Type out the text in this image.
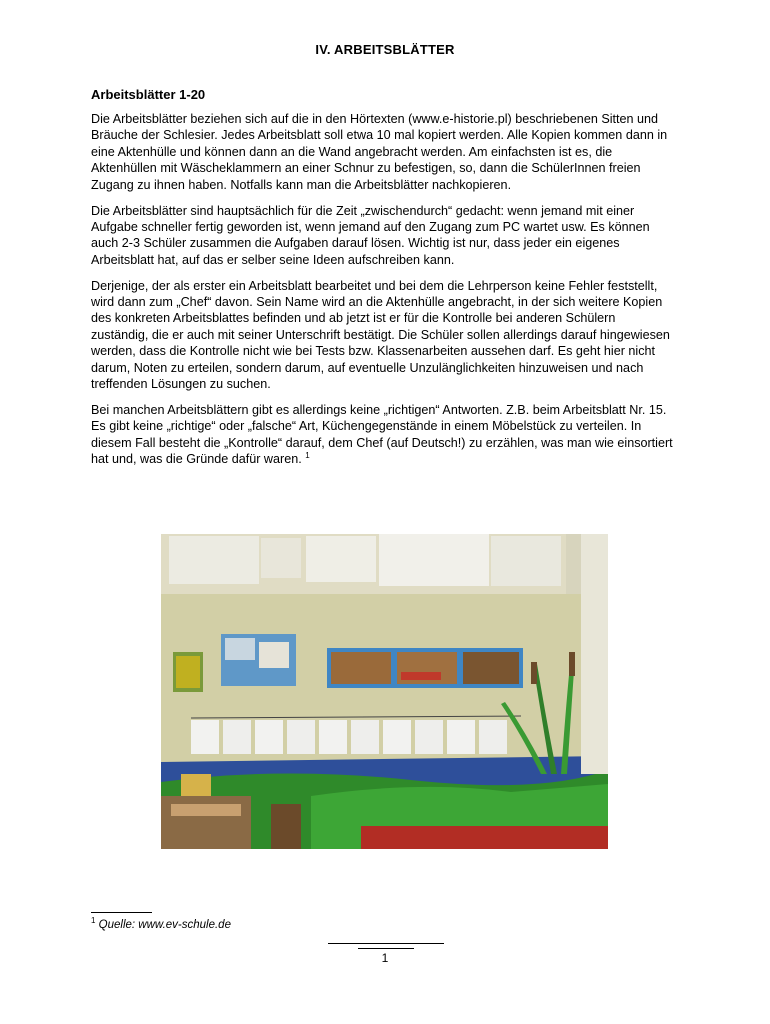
IV. ARBEITSBLÄTTER
Arbeitsblätter 1-20

Die Arbeitsblätter beziehen sich auf die in den Hörtexten (www.e-historie.pl) beschriebenen Sitten und Bräuche der Schlesier. Jedes Arbeitsblatt soll etwa 10 mal kopiert werden. Alle Kopien kommen dann in eine Aktenhülle und können dann an die Wand angebracht werden. Am einfachsten ist es, die Aktenhüllen mit Wäscheklammern an einer Schnur zu befestigen, so, dann die SchülerInnen freien Zugang zu ihnen haben. Notfalls kann man die Arbeitsblätter nachkopieren.

Die Arbeitsblätter sind hauptsächlich für die Zeit „zwischendurch“ gedacht: wenn jemand mit einer Aufgabe schneller fertig geworden ist, wenn jemand auf den Zugang zum PC wartet usw. Es können auch 2-3 Schüler zusammen die Aufgaben darauf lösen. Wichtig ist nur, dass jeder ein eigenes Arbeitsblatt hat, auf das er selber seine Ideen aufschreiben kann.

Derjenige, der als erster ein Arbeitsblatt bearbeitet und bei dem die Lehrperson keine Fehler feststellt, wird dann zum „Chef“ davon. Sein Name wird an die Aktenhülle angebracht, in der sich weitere Kopien des konkreten Arbeitsblattes befinden und ab jetzt ist er für die Kontrolle bei anderen Schülern zuständig, die er auch mit seiner Unterschrift bestätigt. Die Schüler sollen allerdings darauf hingewiesen werden, dass die Kontrolle nicht wie bei Tests bzw. Klassenarbeiten aussehen darf. Es geht hier nicht darum, Noten zu erteilen, sondern darum, auf eventuelle Unzulänglichkeiten hinzuweisen und nach treffenden Lösungen zu suchen.

Bei manchen Arbeitsblättern gibt es allerdings keine „richtigen“ Antworten. Z.B. beim Arbeitsblatt Nr. 15. Es gibt keine „richtige“ oder „falsche“ Art, Küchengegenstände in einem Möbelstück zu verteilen. In diesem Fall besteht die „Kontrolle“ darauf, dem Chef (auf Deutsch!) zu erzählen, was man wie einsortiert hat und, was die Gründe dafür waren. $^1$

$^1$ Quelle: www.ev-schule.de
1
